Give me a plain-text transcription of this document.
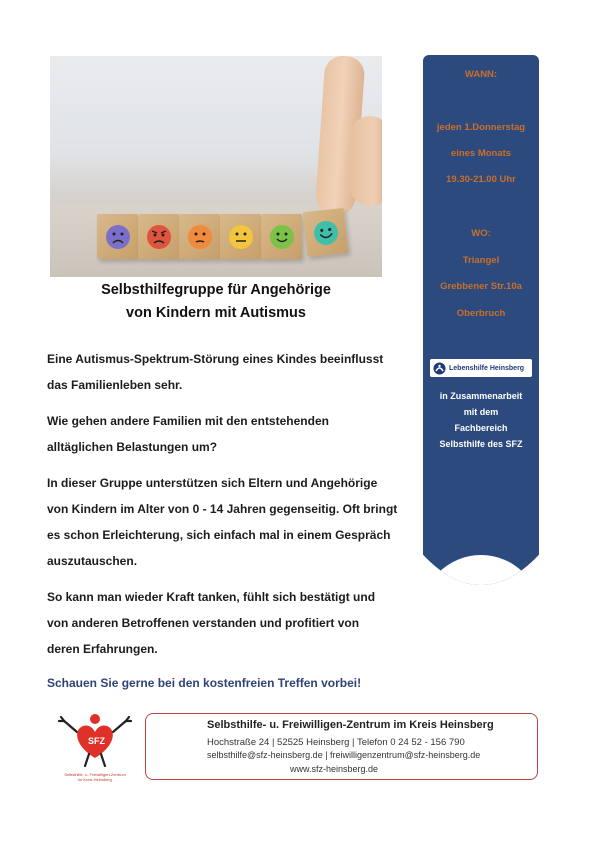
Selbsthilfegruppe für Angehörige
von Kindern mit Autismus
Eine Autismus-Spektrum-Störung eines Kindes beeinflusst
das Familienleben sehr.
Wie gehen andere Familien mit den entstehenden
alltäglichen Belastungen um?
In dieser Gruppe unterstützen sich Eltern und Angehörige
von Kindern im Alter von 0 - 14 Jahren gegenseitig. Oft bringt
es schon Erleichterung, sich einfach mal in einem Gespräch
auszutauschen.
So kann man wieder Kraft tanken, fühlt sich bestätigt und
von anderen Betroffenen verstanden und profitiert von
deren Erfahrungen.
Schauen Sie gerne bei den kostenfreien Treffen vorbei!
WANN:
jeden 1.Donnerstag
eines Monats
19.30-21.00 Uhr
WO:
Triangel
Grebbener Str.10a
Oberbruch
Lebenshilfe Heinsberg
in Zusammenarbeit
mit dem
Fachbereich
Selbsthilfe des SFZ
SFZ
Selbsthilfe- u. Freiwilligen-Zentrum
im Kreis Heinsberg
Selbsthilfe- u. Freiwilligen-Zentrum im Kreis Heinsberg
Hochstraße 24 | 52525 Heinsberg | Telefon 0 24 52 - 156 790
selbsthilfe@sfz-heinsberg.de | freiwilligenzentrum@sfz-heinsberg.de
www.sfz-heinsberg.de
